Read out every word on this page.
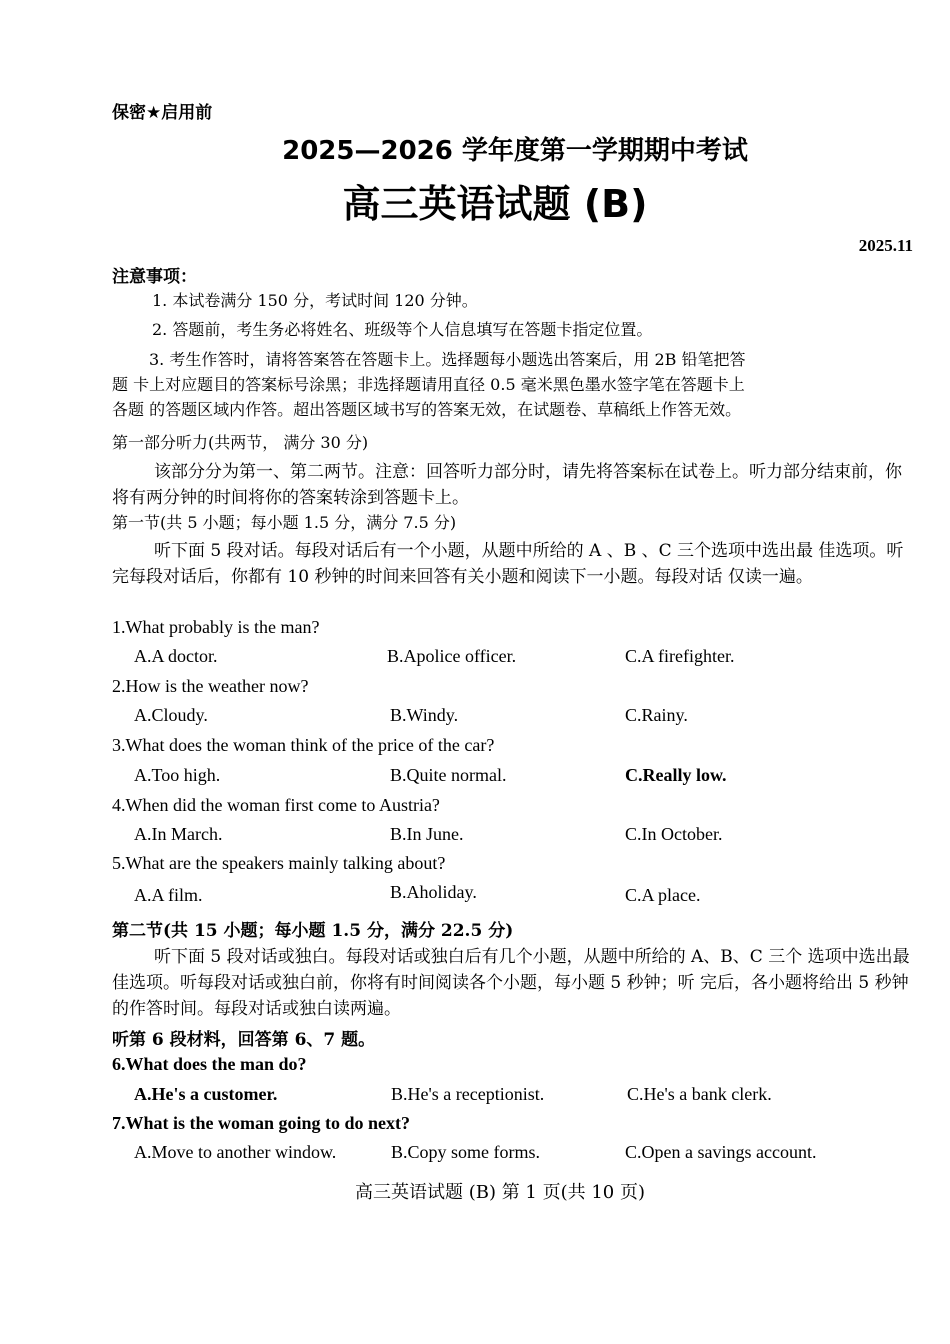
保密★启用前
2025—2026 学年度第一学期期中考试
高三英语试题 (B)
2025.11
注意事项：
1. 本试卷满分 150 分，考试时间 120 分钟。
2. 答题前，考生务必将姓名、班级等个人信息填写在答题卡指定位置。
3. 考生作答时，请将答案答在答题卡上。选择题每小题选出答案后，用 2B 铅笔把答
题 卡上对应题目的答案标号涂黑；非选择题请用直径 0.5 毫米黑色墨水签字笔在答题卡上
各题 的答题区域内作答。超出答题区域书写的答案无效，在试题卷、草稿纸上作答无效。
第一部分听力(共两节， 满分 30 分)
该部分分为第一、第二两节。注意：回答听力部分时，请先将答案标在试卷上。听力部分结束前，你将有两分钟的时间将你的答案转涂到答题卡上。
第一节(共 5 小题；每小题 1.5 分，满分 7.5 分)
听下面 5 段对话。每段对话后有一个小题，从题中所给的 A 、B 、C 三个选项中选出最 佳选项。听完每段对话后，你都有 10 秒钟的时间来回答有关小题和阅读下一小题。每段对话 仅读一遍。
1.What probably is the man?
A.A doctor.	B.Apolice officer.	C.A firefighter.
2.How is the weather now?
A.Cloudy.	B.Windy.	C.Rainy.
3.What does the woman think of the price of the car?
A.Too high.	B.Quite normal.	C.Really low.
4.When did the woman first come to Austria?
A.In March.	B.In June.	C.In October.
5.What are the speakers mainly talking about?
A.A film.	B.Aholiday.	C.A place.
第二节(共 15 小题；每小题 1.5 分，满分 22.5 分)
听下面 5 段对话或独白。每段对话或独白后有几个小题，从题中所给的 A、B、C 三个 选项中选出最佳选项。听每段对话或独白前，你将有时间阅读各个小题，每小题 5 秒钟；听 完后，各小题将给出 5 秒钟的作答时间。每段对话或独白读两遍。
听第 6 段材料，回答第 6、7 题。
6.What does the man do?
A.He's a customer.	B.He's a receptionist.	C.He's a bank clerk.
7.What is the woman going to do next?
A.Move to another window.	B.Copy some forms.	C.Open a savings account.
高三英语试题 (B) 第 1 页(共 10 页)
